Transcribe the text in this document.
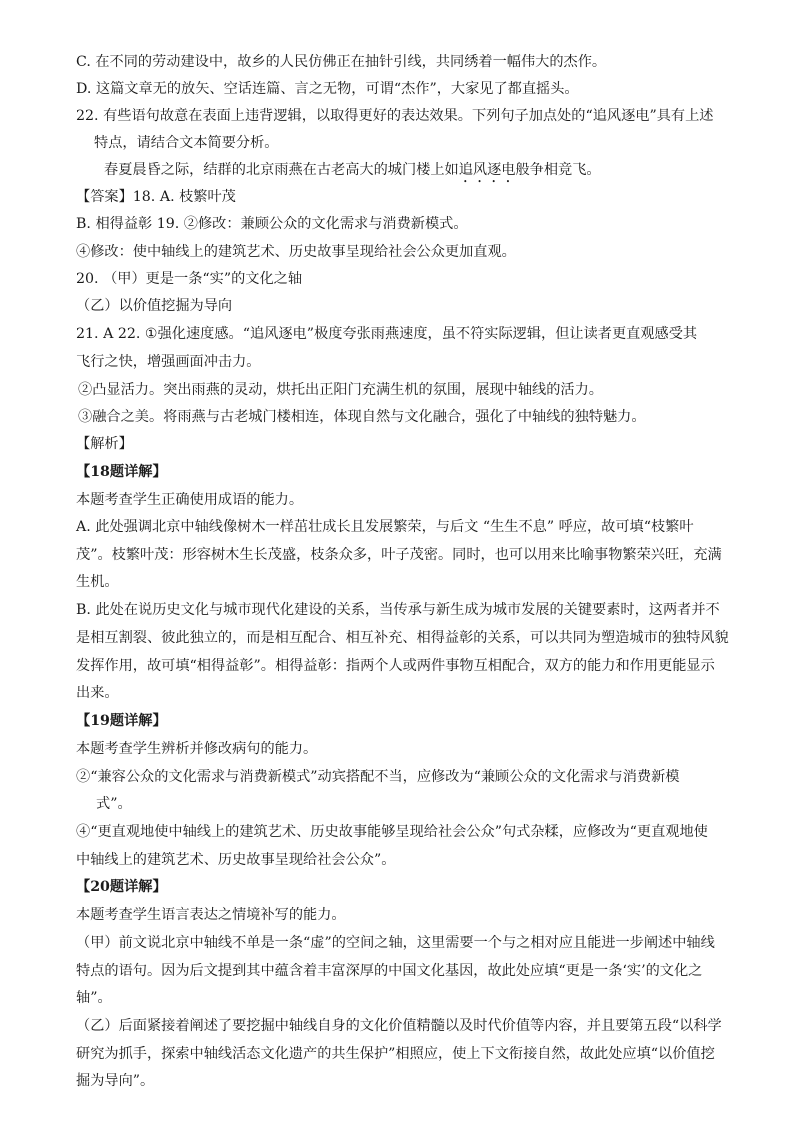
C. 在不同的劳动建设中，故乡的人民仿佛正在抽针引线，共同绣着一幅伟大的杰作。
D. 这篇文章无的放矢、空话连篇、言之无物，可谓“杰作”，大家见了都直摇头。
22. 有些语句故意在表面上违背逻辑，以取得更好的表达效果。下列句子加点处的“追风逐电”具有上述
特点，请结合文本简要分析。
春夏晨昏之际，结群的北京雨燕在古老高大的城门楼上如追风逐电般争相竞飞。
【答案】18. A. 枝繁叶茂
B. 相得益彰 19. ②修改：兼顾公众的文化需求与消费新模式。
④修改：使中轴线上的建筑艺术、历史故事呈现给社会公众更加直观。
20. （甲）更是一条“实”的文化之轴
（乙）以价值挖掘为导向
21. A 22. ①强化速度感。“追风逐电”极度夸张雨燕速度，虽不符实际逻辑，但让读者更直观感受其
飞行之快，增强画面冲击力。
②凸显活力。突出雨燕的灵动，烘托出正阳门充满生机的氛围，展现中轴线的活力。
③融合之美。将雨燕与古老城门楼相连，体现自然与文化融合，强化了中轴线的独特魅力。
【解析】
【18题详解】
本题考查学生正确使用成语的能力。
A. 此处强调北京中轴线像树木一样茁壮成长且发展繁荣，与后文 “生生不息” 呼应，故可填“枝繁叶
茂”。枝繁叶茂：形容树木生长茂盛，枝条众多，叶子茂密。同时，也可以用来比喻事物繁荣兴旺，充满
生机。
B. 此处在说历史文化与城市现代化建设的关系，当传承与新生成为城市发展的关键要素时，这两者并不
是相互割裂、彼此独立的，而是相互配合、相互补充、相得益彰的关系，可以共同为塑造城市的独特风貌
发挥作用，故可填“相得益彰”。相得益彰：指两个人或两件事物互相配合，双方的能力和作用更能显示
出来。
【19题详解】
本题考查学生辨析并修改病句的能力。
②“兼容公众的文化需求与消费新模式”动宾搭配不当，应修改为“兼顾公众的文化需求与消费新模
式”。
④“更直观地使中轴线上的建筑艺术、历史故事能够呈现给社会公众”句式杂糅，应修改为“更直观地使
中轴线上的建筑艺术、历史故事呈现给社会公众”。
【20题详解】
本题考查学生语言表达之情境补写的能力。
（甲）前文说北京中轴线不单是一条“虚”的空间之轴，这里需要一个与之相对应且能进一步阐述中轴线
特点的语句。因为后文提到其中蕴含着丰富深厚的中国文化基因，故此处应填“更是一条‘实’的文化之
轴”。
（乙）后面紧接着阐述了要挖掘中轴线自身的文化价值精髓以及时代价值等内容，并且要第五段“以科学
研究为抓手，探索中轴线活态文化遗产的共生保护”相照应，使上下文衔接自然，故此处应填“以价值挖
掘为导向”。
